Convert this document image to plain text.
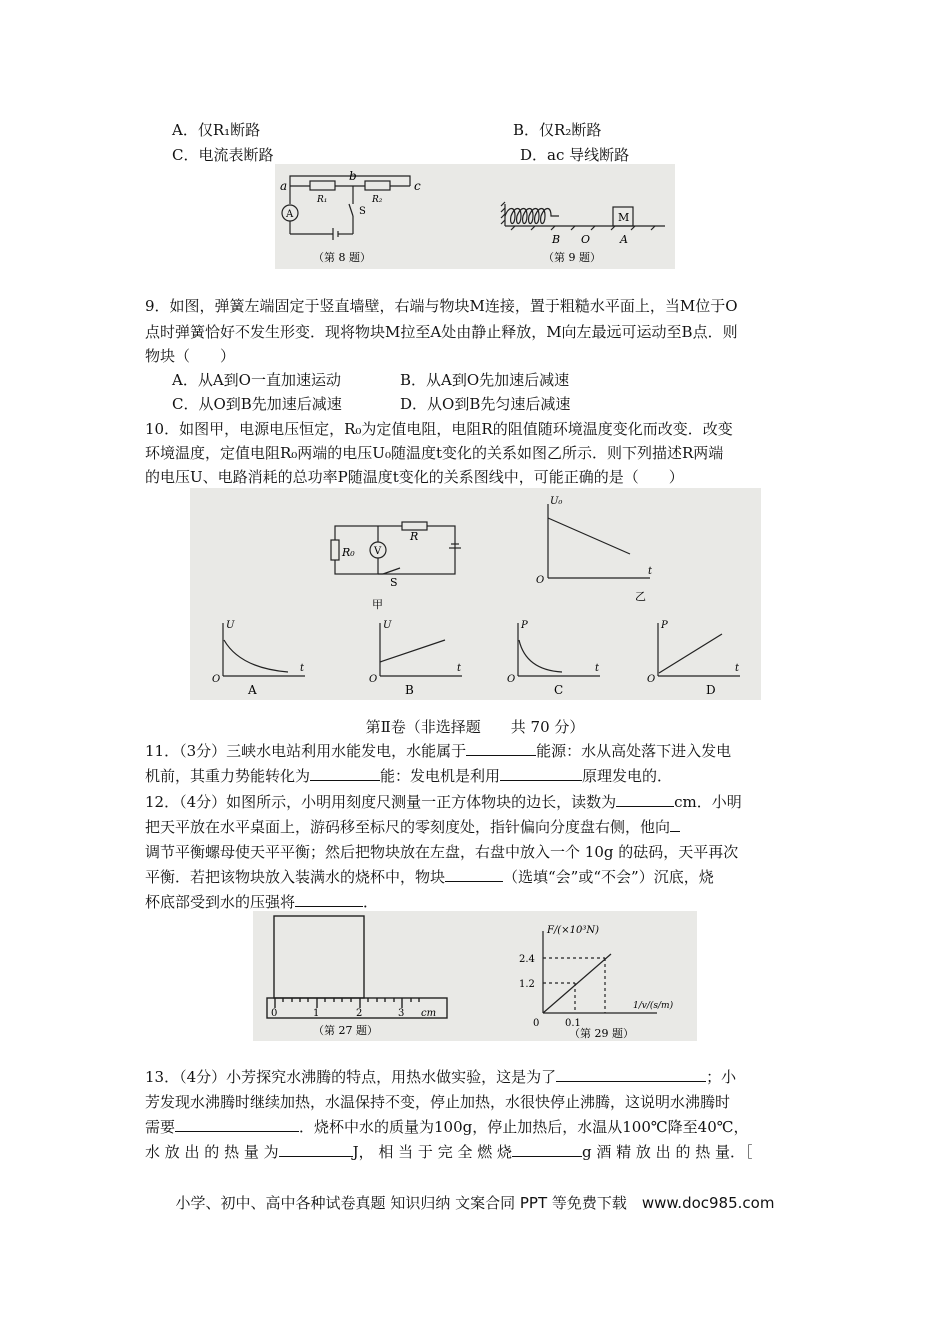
A．仅R₁断路	B．仅R₂断路
C．电流表断路	D．ac 导线断路
a
b
c
R₁	R₂
S
A
（第 8 题）
M
B O	A
（第 9 题）
9．如图，弹簧左端固定于竖直墙壁，右端与物块M连接，置于粗糙水平面上，当M位于O
点时弹簧恰好不发生形变．现将物块M拉至A处由静止释放，M向左最远可运动至B点．则
物块（　　）
A．从A到O一直加速运动	B．从A到O先加速后减速
C．从O到B先加速后减速	D．从O到B先匀速后减速
10．如图甲，电源电压恒定，R₀为定值电阻，电阻R的阻值随环境温度变化而改变．改变
环境温度，定值电阻R₀两端的电压U₀随温度t变化的关系如图乙所示．则下列描述R两端
的电压U、电路消耗的总功率P随温度t变化的关系图线中，可能正确的是（　　）
R₀ V
R
S
甲
U₀
O
t
乙
U	U	P	P
O	O	O	O
t	t	t	t
A	B	C	D
第Ⅱ卷（非选择题　　共 70 分）
11．（3分）三峡水电站利用水能发电，水能属于	能源：水从高处落下进入发电
机前，其重力势能转化为	能：发电机是利用	原理发电的．
12．（4分）如图所示，小明用刻度尺测量一正方体物块的边长，读数为	cm．小明
把天平放在水平桌面上，游码移至标尺的零刻度处，指针偏向分度盘右侧，他向
调节平衡螺母使天平平衡；然后把物块放在左盘，右盘中放入一个 10g 的砝码，天平再次
平衡．若把该物块放入装满水的烧杯中，物块	（选填“会”或“不会”）沉底，烧
杯底部受到水的压强将	．
0	1	2	3 cm
（第 27 题）
F/(×10³N)
2.4
1.2
0	0.1
1/v/(s/m)
（第 29 题）
13．（4分）小芳探究水沸腾的特点，用热水做实验，这是为了	；小
芳发现水沸腾时继续加热，水温保持不变，停止加热，水很快停止沸腾，这说明水沸腾时
需要	．烧杯中水的质量为100g，停止加热后，水温从100℃降至40℃，
水 放 出 的 热 量 为	J， 相 当 于 完 全 燃 烧	g 酒 精 放 出 的 热 量．［
小学、初中、高中各种试卷真题 知识归纳 文案合同 PPT 等免费下载　www.doc985.com
